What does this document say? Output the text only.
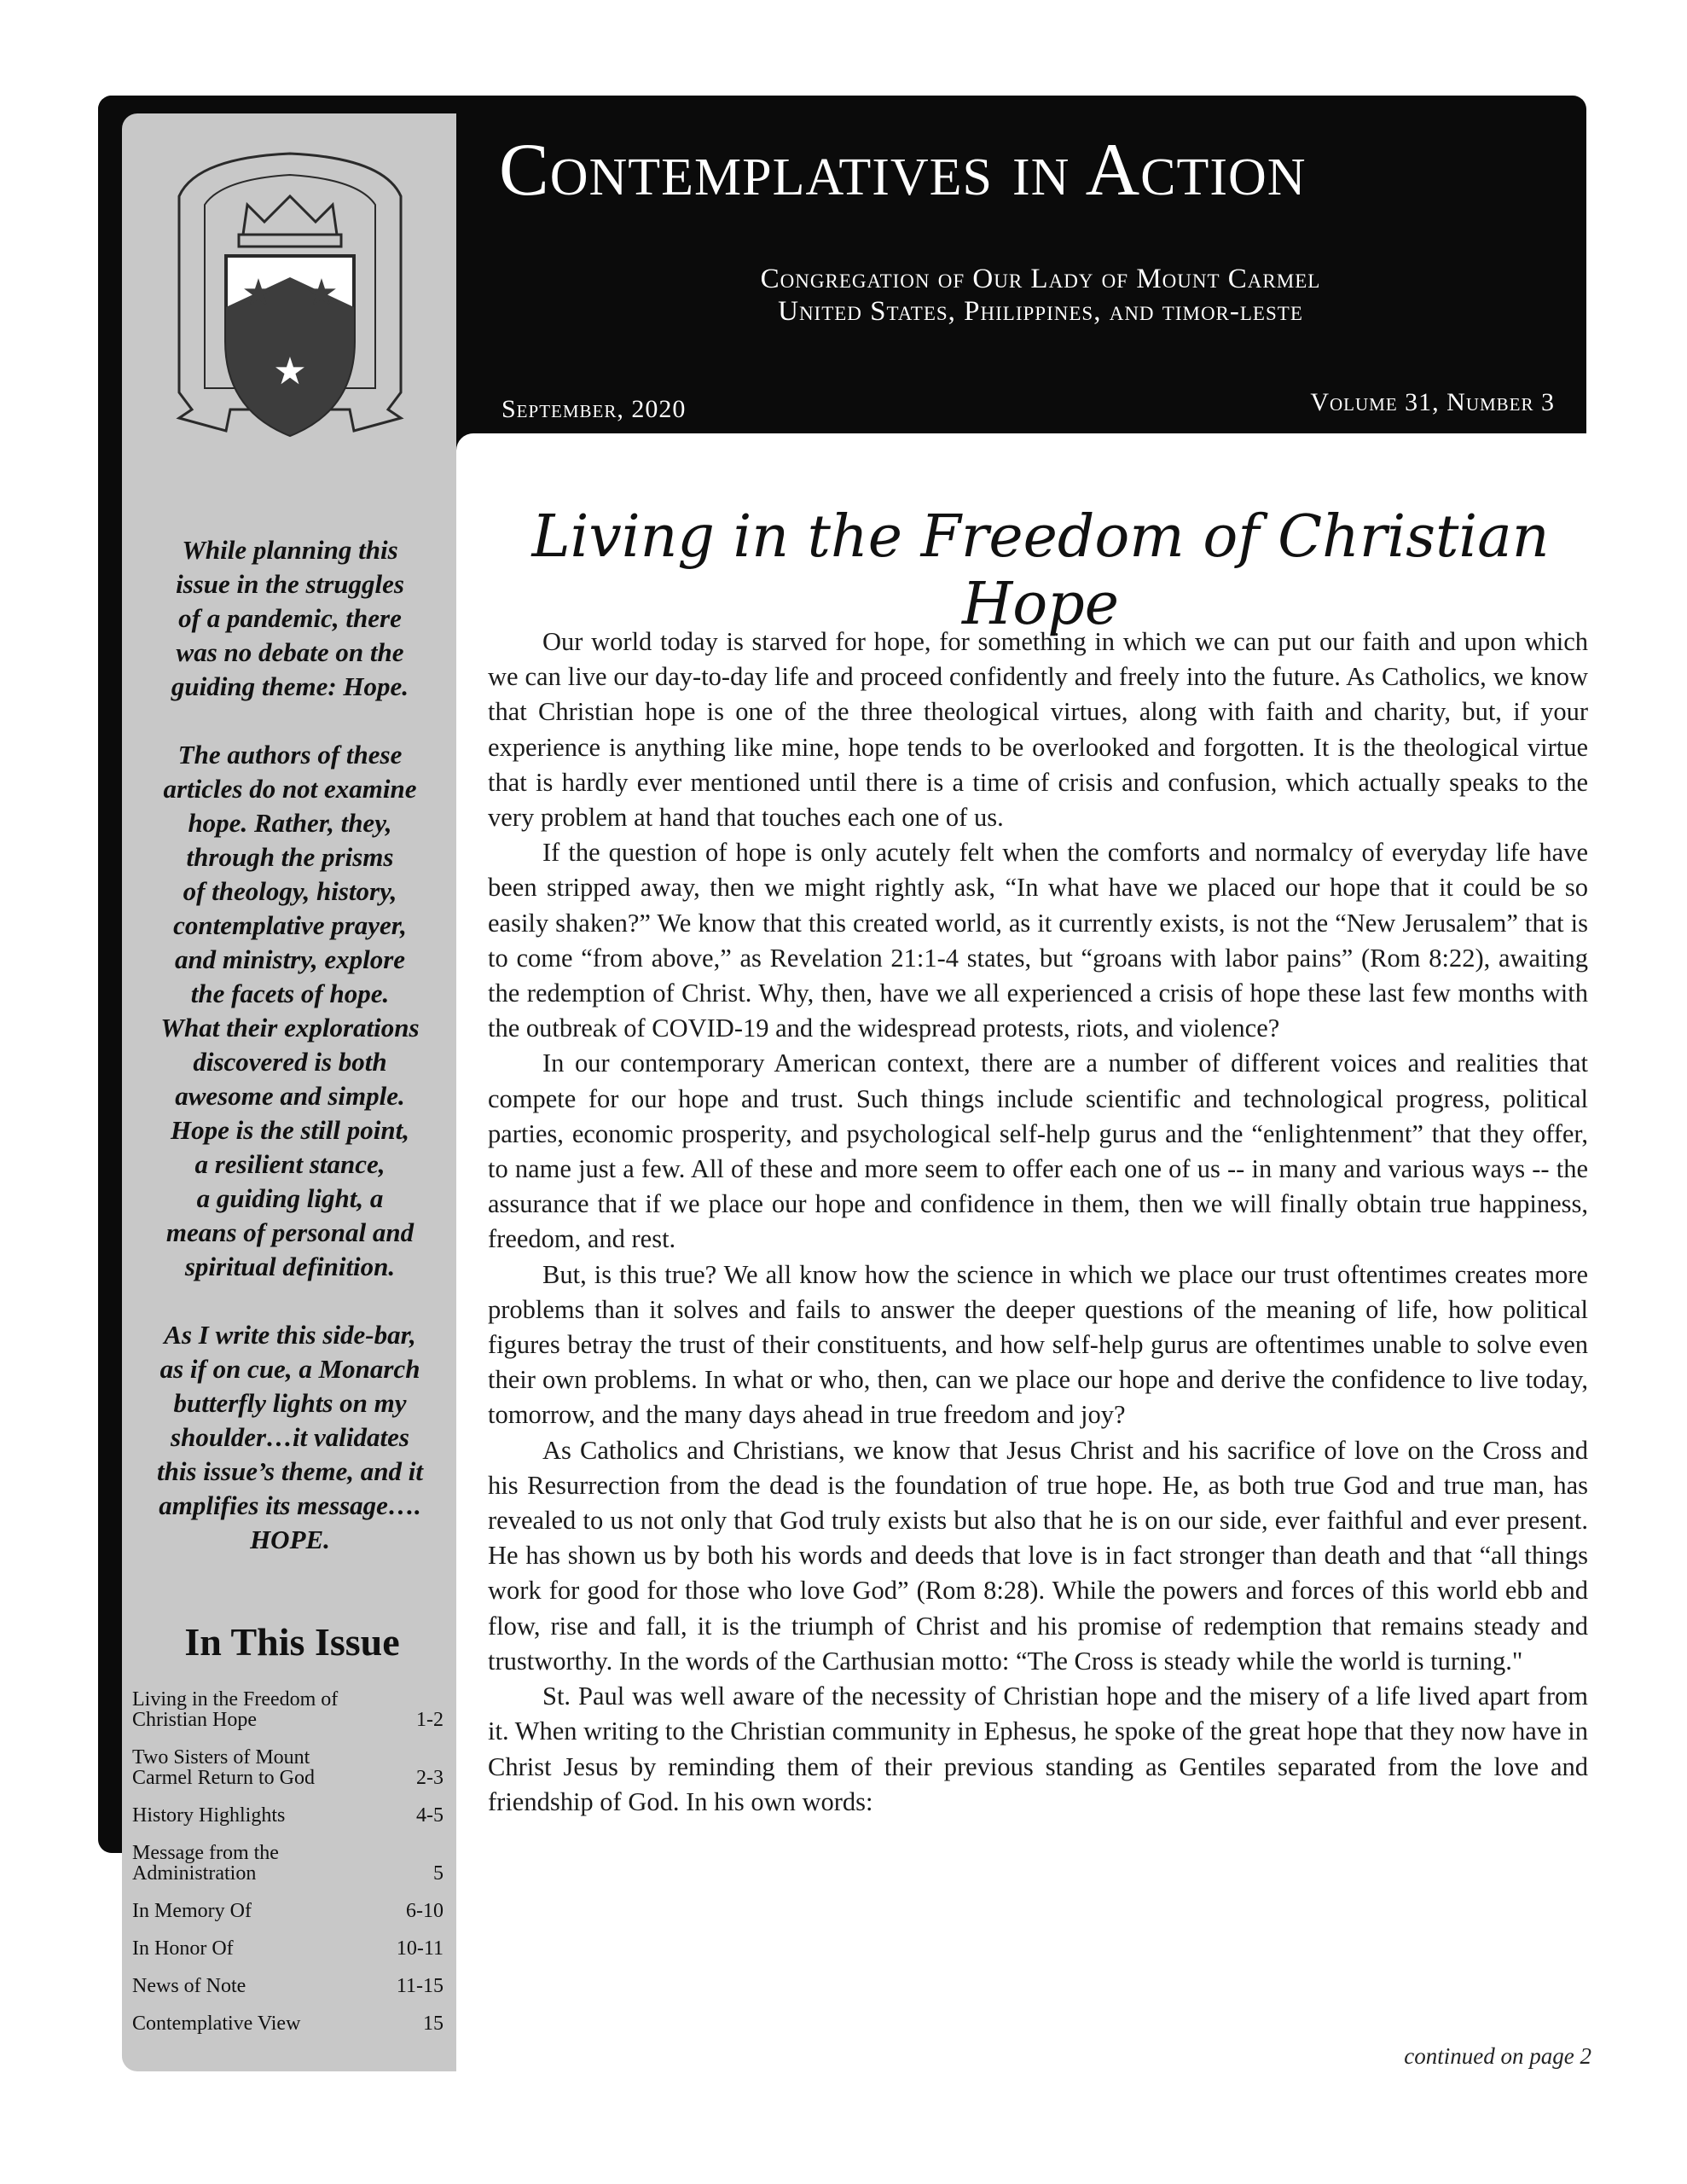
★ ★
★
Contemplatives in Action
Congregation of Our Lady of Mount Carmel
United States, Philippines, and timor-leste
September, 2020	Volume 31, Number 3

While planning this
issue in the struggles
of a pandemic, there
was no debate on the
guiding theme: Hope.

The authors of these
articles do not examine
hope. Rather, they,
through the prisms
of theology, history,
contemplative prayer,
and ministry, explore
the facets of hope.
What their explorations
discovered is both
awesome and simple.
Hope is the still point,
a resilient stance,
a guiding light, a
means of personal and
spiritual definition.

As I write this side-bar,
as if on cue, a Monarch
butterfly lights on my
shoulder…it validates
this issue’s theme, and it
amplifies its message….
HOPE.

In This Issue
Living in the Freedom of
Christian Hope	1-2
Two Sisters of Mount
Carmel Return to God	2-3
History Highlights	4-5
Message from the
Administration	5
In Memory Of	6-10
In Honor Of	10-11
News of Note	11-15
Contemplative View	15
Living in the Freedom of Christian Hope

Our world today is starved for hope, for something in which we can put our faith and upon which we can live our day-to-day life and proceed confidently and freely into the future. As Catholics, we know that Christian hope is one of the three theological virtues, along with faith and charity, but, if your experience is anything like mine, hope tends to be overlooked and forgotten. It is the theological virtue that is hardly ever mentioned until there is a time of crisis and confusion, which actually speaks to the very problem at hand that touches each one of us.

If the question of hope is only acutely felt when the comforts and normalcy of everyday life have been stripped away, then we might rightly ask, “In what have we placed our hope that it could be so easily shaken?” We know that this created world, as it currently exists, is not the “New Jerusalem” that is to come “from above,” as Revelation 21:1-4 states, but “groans with labor pains” (Rom 8:22), awaiting the redemption of Christ. Why, then, have we all experienced a crisis of hope these last few months with the outbreak of COVID-19 and the widespread protests, riots, and violence?

In our contemporary American context, there are a number of different voices and realities that compete for our hope and trust. Such things include scientific and technological progress, political parties, economic prosperity, and psychological self-help gurus and the “enlightenment” that they offer, to name just a few. All of these and more seem to offer each one of us -- in many and various ways -- the assurance that if we place our hope and confidence in them, then we will finally obtain true happiness, freedom, and rest.

But, is this true? We all know how the science in which we place our trust oftentimes creates more problems than it solves and fails to answer the deeper questions of the meaning of life, how political figures betray the trust of their constituents, and how self-help gurus are oftentimes unable to solve even their own problems. In what or who, then, can we place our hope and derive the confidence to live today, tomorrow, and the many days ahead in true freedom and joy?

As Catholics and Christians, we know that Jesus Christ and his sacrifice of love on the Cross and his Resurrection from the dead is the foundation of true hope. He, as both true God and true man, has revealed to us not only that God truly exists but also that he is on our side, ever faithful and ever present. He has shown us by both his words and deeds that love is in fact stronger than death and that “all things work for good for those who love God” (Rom 8:28). While the powers and forces of this world ebb and flow, rise and fall, it is the triumph of Christ and his promise of redemption that remains steady and trustworthy. In the words of the Carthusian motto: “The Cross is steady while the world is turning."

St. Paul was well aware of the necessity of Christian hope and the misery of a life lived apart from it. When writing to the Christian community in Ephesus, he spoke of the great hope that they now have in Christ Jesus by reminding them of their previous standing as Gentiles separated from the love and friendship of God. In his own words:

continued on page 2
